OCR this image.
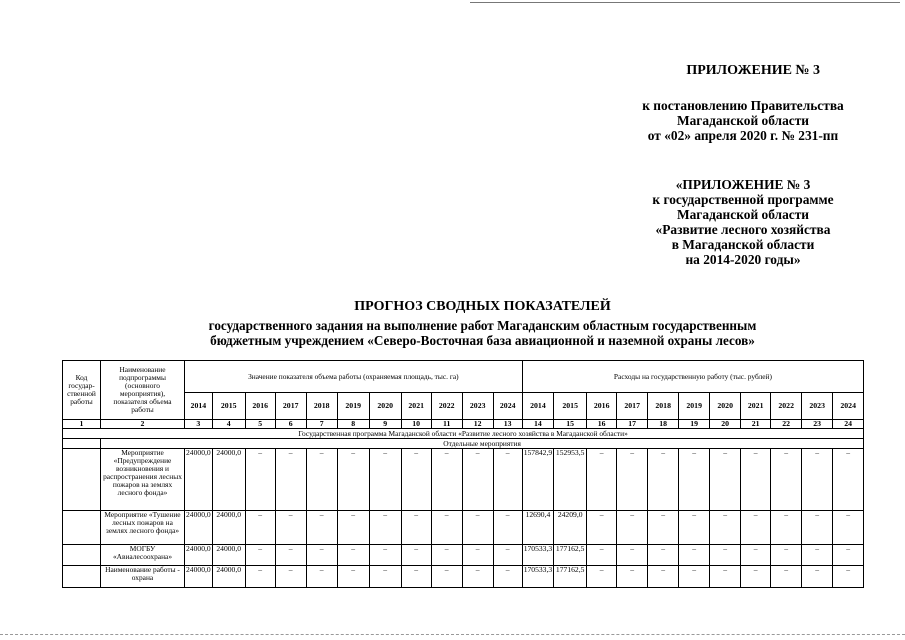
ПРИЛОЖЕНИЕ № 3
к постановлению Правительства
Магаданской области
от «02» апреля 2020 г. № 231-пп
«ПРИЛОЖЕНИЕ № 3
к государственной программе
Магаданской области
«Развитие лесного хозяйства
в Магаданской области
на 2014-2020 годы»
ПРОГНОЗ СВОДНЫХ ПОКАЗАТЕЛЕЙ
государственного задания на выполнение работ Магаданским областным государственным
бюджетным учреждением «Северо-Восточная база авиационной и наземной охраны лесов»
Код государ-ственной работы	Наименование подпрограммы (основного мероприятия), показателя объема работы	Значение показателя объема работы (охраняемая площадь, тыс. га)											Расходы на государственную работу (тыс. рублей)										
		2014	2015	2016	2017	2018	2019	2020	2021	2022	2023	2024	2014	2015	2016	2017	2018	2019	2020	2021	2022	2023	2024
1	2	3	4	5	6	7	8	9	10	11	12	13	14	15	16	17	18	19	20	21	22	23	24
Государственная программа Магаданской области «Развитие лесного хозяйства в Магаданской области»																							
	Отдельные мероприятия																						
	Мероприятие «Предупреждение возникновения и распространения лесных пожаров на землях лесного фонда»	24000,0	24000,0	–	–	–	–	–	–	–	–	–	157842,9	152953,5	–	–	–	–	–	–	–	–	–
	Мероприятие «Тушение лесных пожаров на землях лесного фонда»	24000,0	24000,0	–	–	–	–	–	–	–	–	–	12690,4	24209,0	–	–	–	–	–	–	–	–	–
	МОГБУ «Авиалесоохрана»	24000,0	24000,0	–	–	–	–	–	–	–	–	–	170533,3	177162,5	–	–	–	–	–	–	–	–	–
	Наименование работы - охрана	24000,0	24000,0	–	–	–	–	–	–	–	–	–	170533,3	177162,5	–	–	–	–	–	–	–	–	–
